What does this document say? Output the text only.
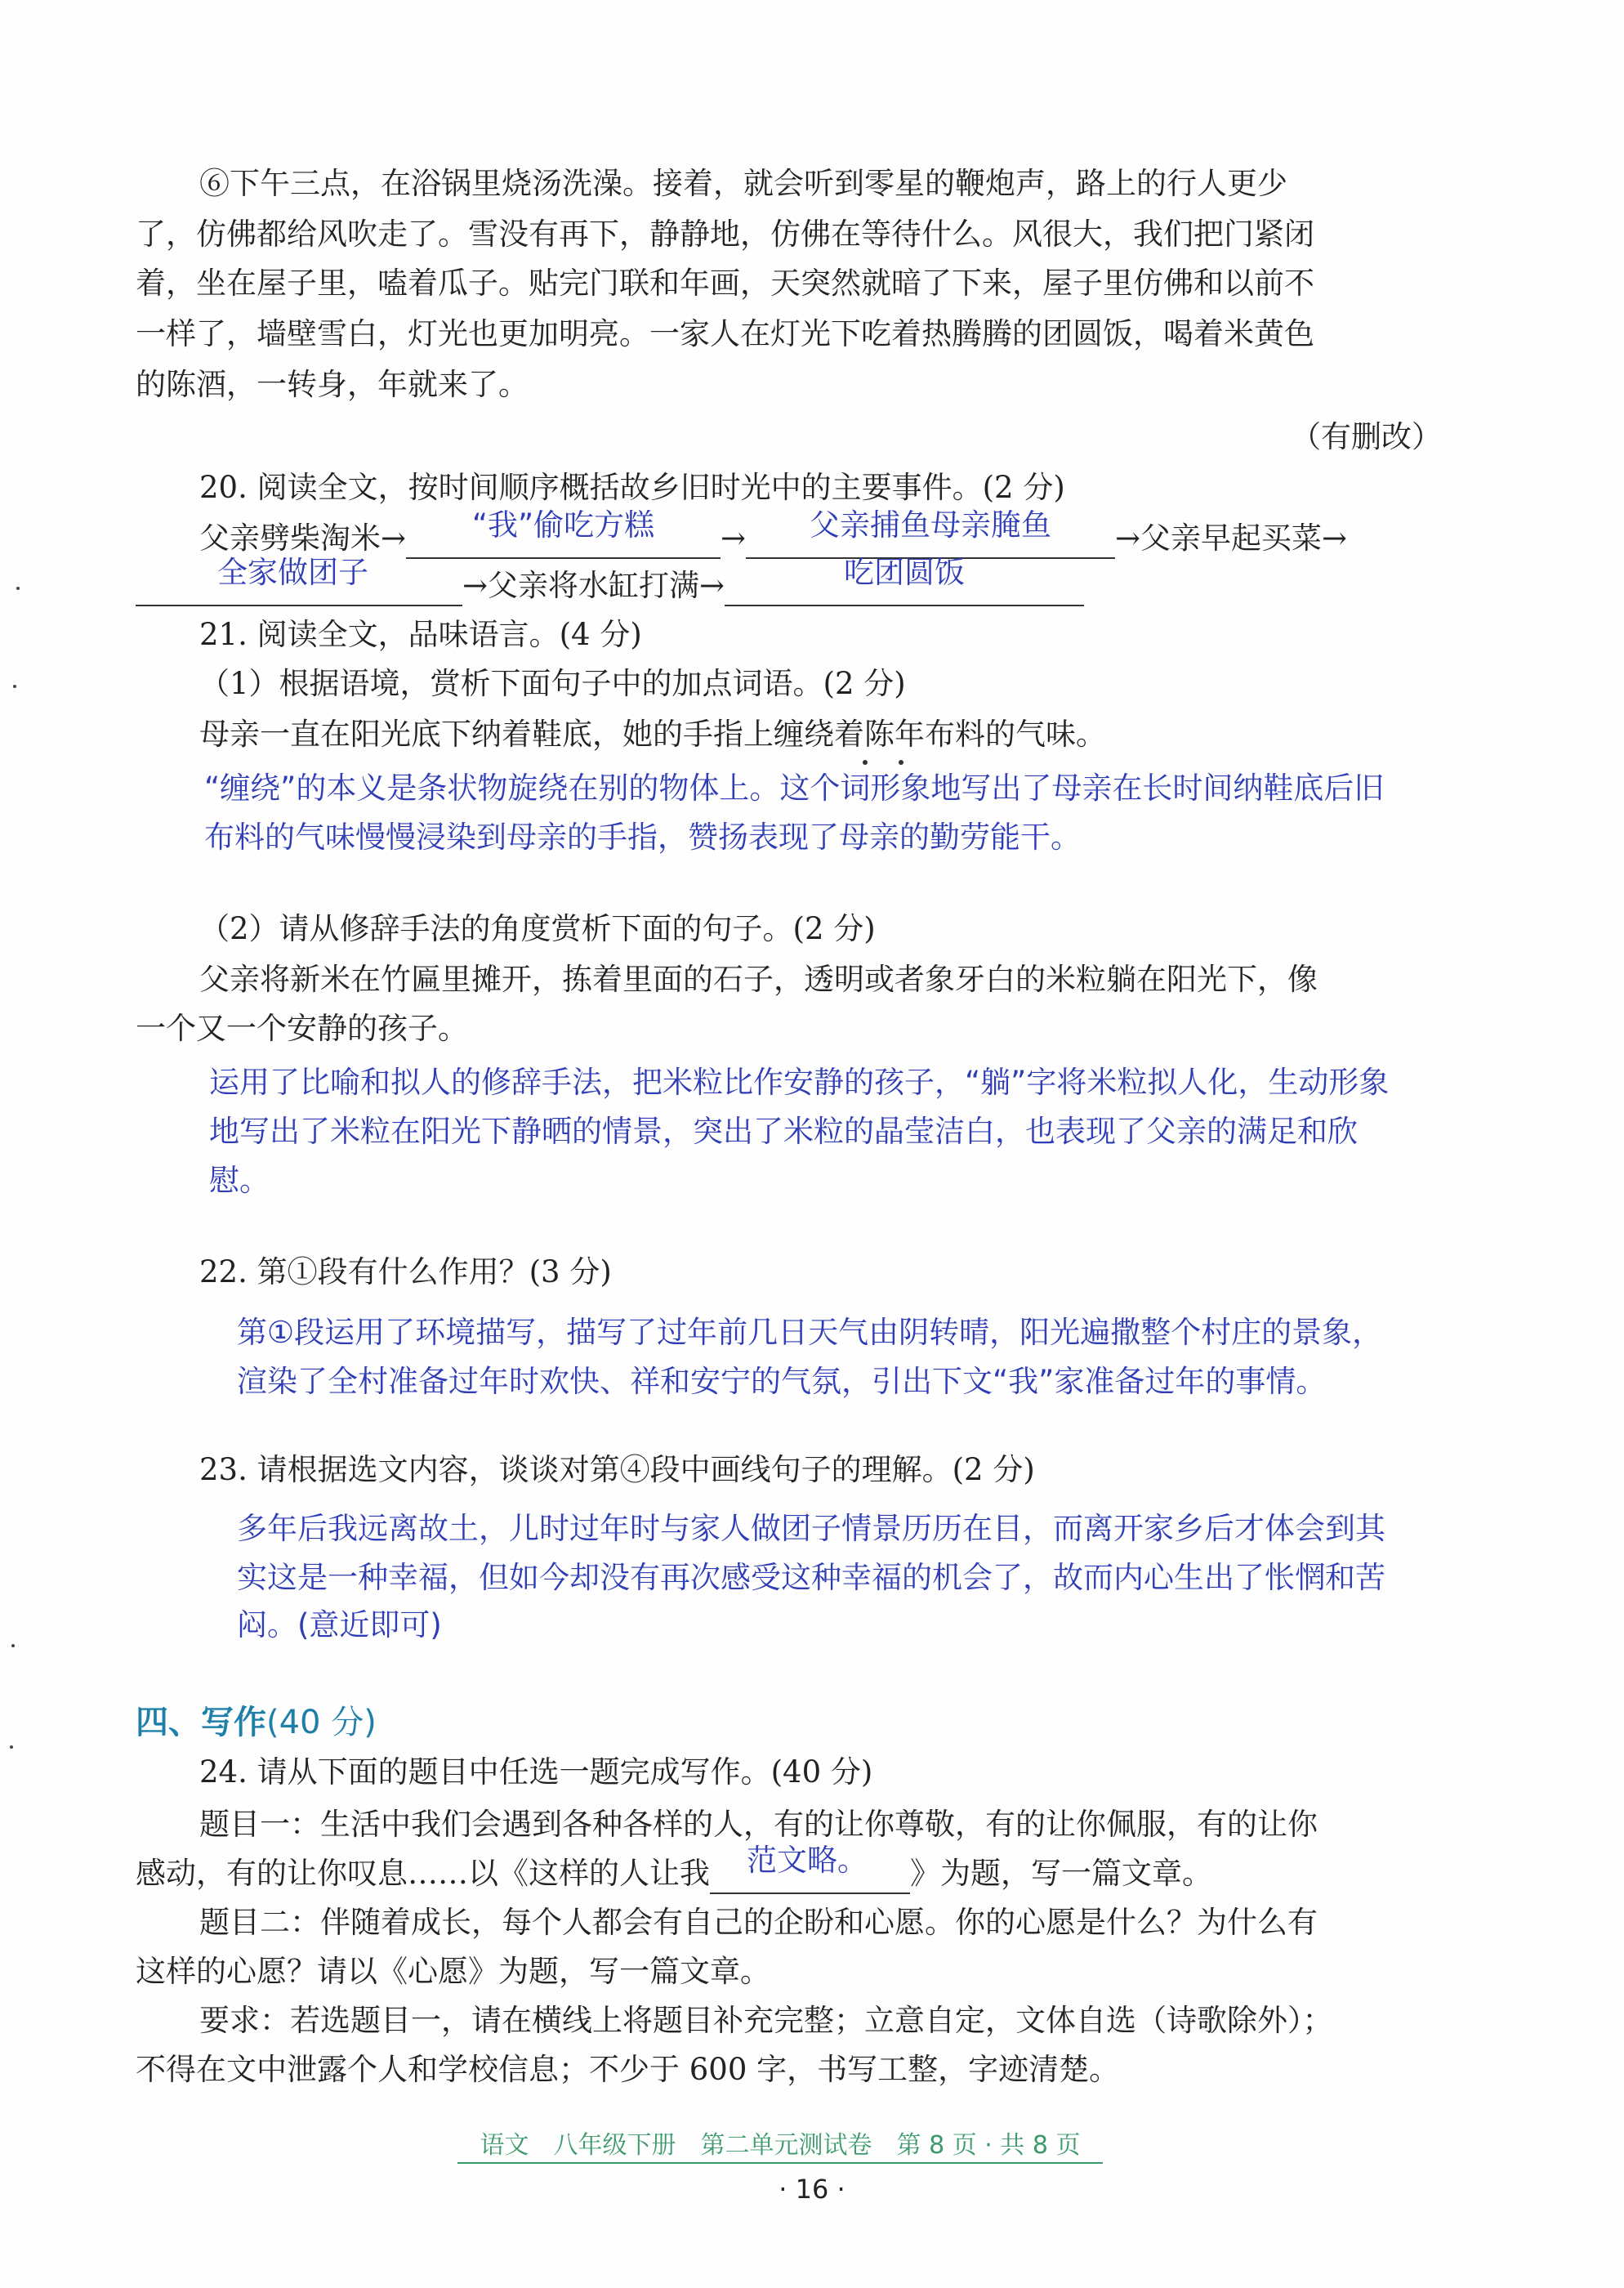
⑥下午三点，在浴锅里烧汤洗澡。接着，就会听到零星的鞭炮声，路上的行人更少
了，仿佛都给风吹走了。雪没有再下，静静地，仿佛在等待什么。风很大，我们把门紧闭
着，坐在屋子里，嗑着瓜子。贴完门联和年画，天突然就暗了下来，屋子里仿佛和以前不
一样了，墙壁雪白，灯光也更加明亮。一家人在灯光下吃着热腾腾的团圆饭，喝着米黄色
的陈酒，一转身，年就来了。
（有删改）
20. 阅读全文，按时间顺序概括故乡旧时光中的主要事件。(2 分)
父亲劈柴淘米→	“我”偷吃方糕	→	父亲捕鱼母亲腌鱼	→父亲早起买菜→
全家做团子	→父亲将水缸打满→	吃团圆饭
21. 阅读全文，品味语言。(4 分)
（1）根据语境，赏析下面句子中的加点词语。(2 分)
母亲一直在阳光底下纳着鞋底，她的手指上缠绕着陈年布料的气味。
“缠绕”的本义是条状物旋绕在别的物体上。这个词形象地写出了母亲在长时间纳鞋底后旧
布料的气味慢慢浸染到母亲的手指，赞扬表现了母亲的勤劳能干。
（2）请从修辞手法的角度赏析下面的句子。(2 分)
父亲将新米在竹匾里摊开，拣着里面的石子，透明或者象牙白的米粒躺在阳光下，像
一个又一个安静的孩子。
运用了比喻和拟人的修辞手法，把米粒比作安静的孩子，“躺”字将米粒拟人化，生动形象
地写出了米粒在阳光下静晒的情景，突出了米粒的晶莹洁白，也表现了父亲的满足和欣
慰。
22. 第①段有什么作用？(3 分)
第①段运用了环境描写，描写了过年前几日天气由阴转晴，阳光遍撒整个村庄的景象，
渲染了全村准备过年时欢快、祥和安宁的气氛，引出下文“我”家准备过年的事情。
23. 请根据选文内容，谈谈对第④段中画线句子的理解。(2 分)
多年后我远离故土，儿时过年时与家人做团子情景历历在目，而离开家乡后才体会到其
实这是一种幸福，但如今却没有再次感受这种幸福的机会了，故而内心生出了怅惘和苦
闷。(意近即可)
四、写作(40 分)
24. 请从下面的题目中任选一题完成写作。(40 分)
题目一：生活中我们会遇到各种各样的人，有的让你尊敬，有的让你佩服，有的让你
感动，有的让你叹息……以《这样的人让我	范文略。	》为题，写一篇文章。
题目二：伴随着成长，每个人都会有自己的企盼和心愿。你的心愿是什么？为什么有
这样的心愿？请以《心愿》为题，写一篇文章。
要求：若选题目一，请在横线上将题目补充完整；立意自定，文体自选（诗歌除外）；
不得在文中泄露个人和学校信息；不少于 600 字，书写工整，字迹清楚。
语文　八年级下册　第二单元测试卷　第 8 页 · 共 8 页
· 16 ·
